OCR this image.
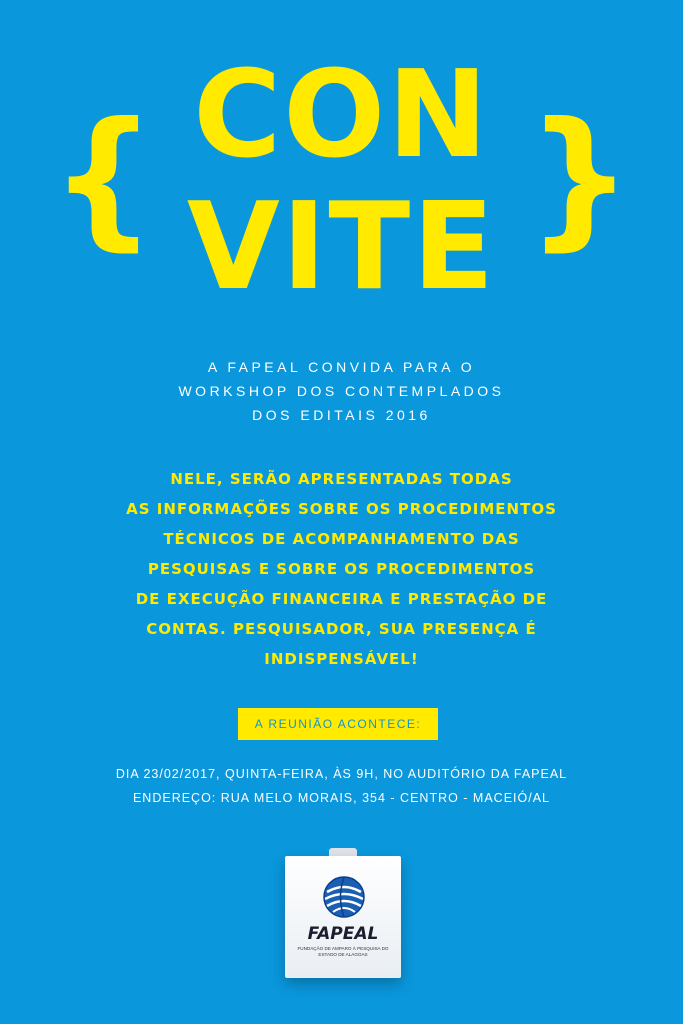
{ CON
VITE }
A FAPEAL CONVIDA PARA O
WORKSHOP DOS CONTEMPLADOS
DOS EDITAIS 2016
NELE, SERÃO APRESENTADAS TODAS
AS INFORMAÇÕES SOBRE OS PROCEDIMENTOS
TÉCNICOS DE ACOMPANHAMENTO DAS
PESQUISAS E SOBRE OS PROCEDIMENTOS
DE EXECUÇÃO FINANCEIRA E PRESTAÇÃO DE
CONTAS. PESQUISADOR, SUA PRESENÇA É
INDISPENSÁVEL!
A REUNIÃO ACONTECE:
DIA 23/02/2017, QUINTA-FEIRA, ÀS 9H, NO AUDITÓRIO DA FAPEAL
ENDEREÇO: RUA MELO MORAIS, 354 - CENTRO - MACEIÓ/AL
FAPEAL
FUNDAÇÃO DE AMPARO À PESQUISA DO ESTADO DE ALAGOAS
